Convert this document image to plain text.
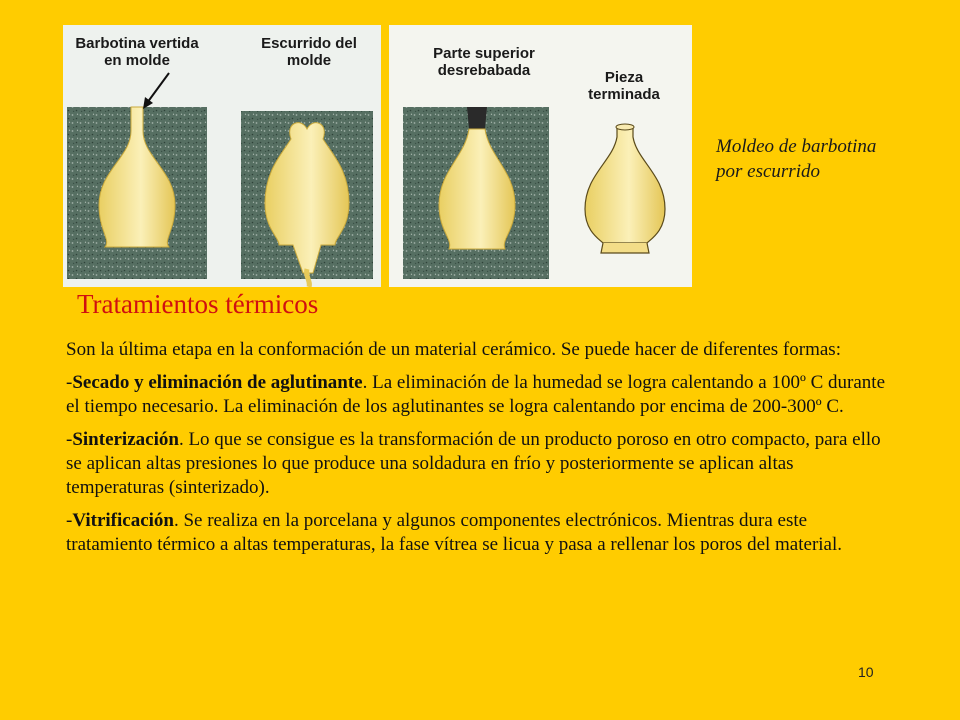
Barbotina vertida
en molde

Escurrido del
molde	Parte superior
desrebabada	Pieza
terminada

Moldeo de barbotina
por escurrido
Tratamientos térmicos

Son la última etapa en la conformación de un material cerámico. Se puede hacer de diferentes formas:

-Secado y eliminación de aglutinante. La eliminación de la humedad se logra calentando a 100º C durante el tiempo necesario. La eliminación de los aglutinantes se logra calentando por encima de 200-300º C.

-Sinterización. Lo que se consigue es la transformación de un producto poroso en otro compacto, para ello se aplican altas presiones lo que produce una soldadura en frío y posteriormente se aplican altas temperaturas (sinterizado).

-Vitrificación. Se realiza en la porcelana y algunos componentes electrónicos. Mientras dura este tratamiento térmico a altas temperaturas, la fase vítrea se licua y pasa a rellenar los poros del material.

10
